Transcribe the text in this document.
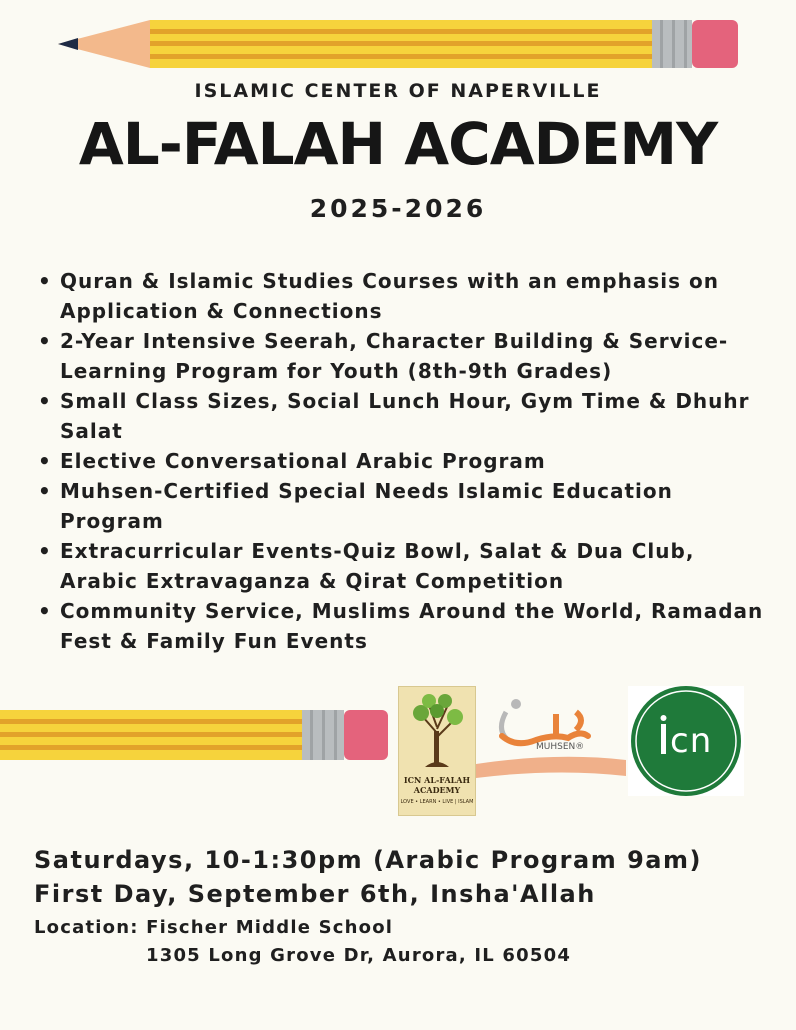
ISLAMIC CENTER OF NAPERVILLE
AL-FALAH ACADEMY
2025-2026
• Quran & Islamic Studies Courses with an emphasis on Application & Connections
• 2-Year Intensive Seerah, Character Building & Service-Learning Program for Youth (8th-9th Grades)
• Small Class Sizes, Social Lunch Hour, Gym Time & Dhuhr Salat
• Elective Conversational Arabic Program
• Muhsen-Certified Special Needs Islamic Education Program
• Extracurricular Events-Quiz Bowl, Salat & Dua Club, Arabic Extravaganza & Qirat Competition
• Community Service, Muslims Around the World, Ramadan Fest & Family Fun Events
ICN AL-FALAH ACADEMY
LOVE • LEARN • LIVE | ISLAM
MUHSEN®	cn
Saturdays, 10-1:30pm (Arabic Program 9am)
First Day, September 6th, Insha'Allah
Location: Fischer Middle School
1305 Long Grove Dr, Aurora, IL 60504
